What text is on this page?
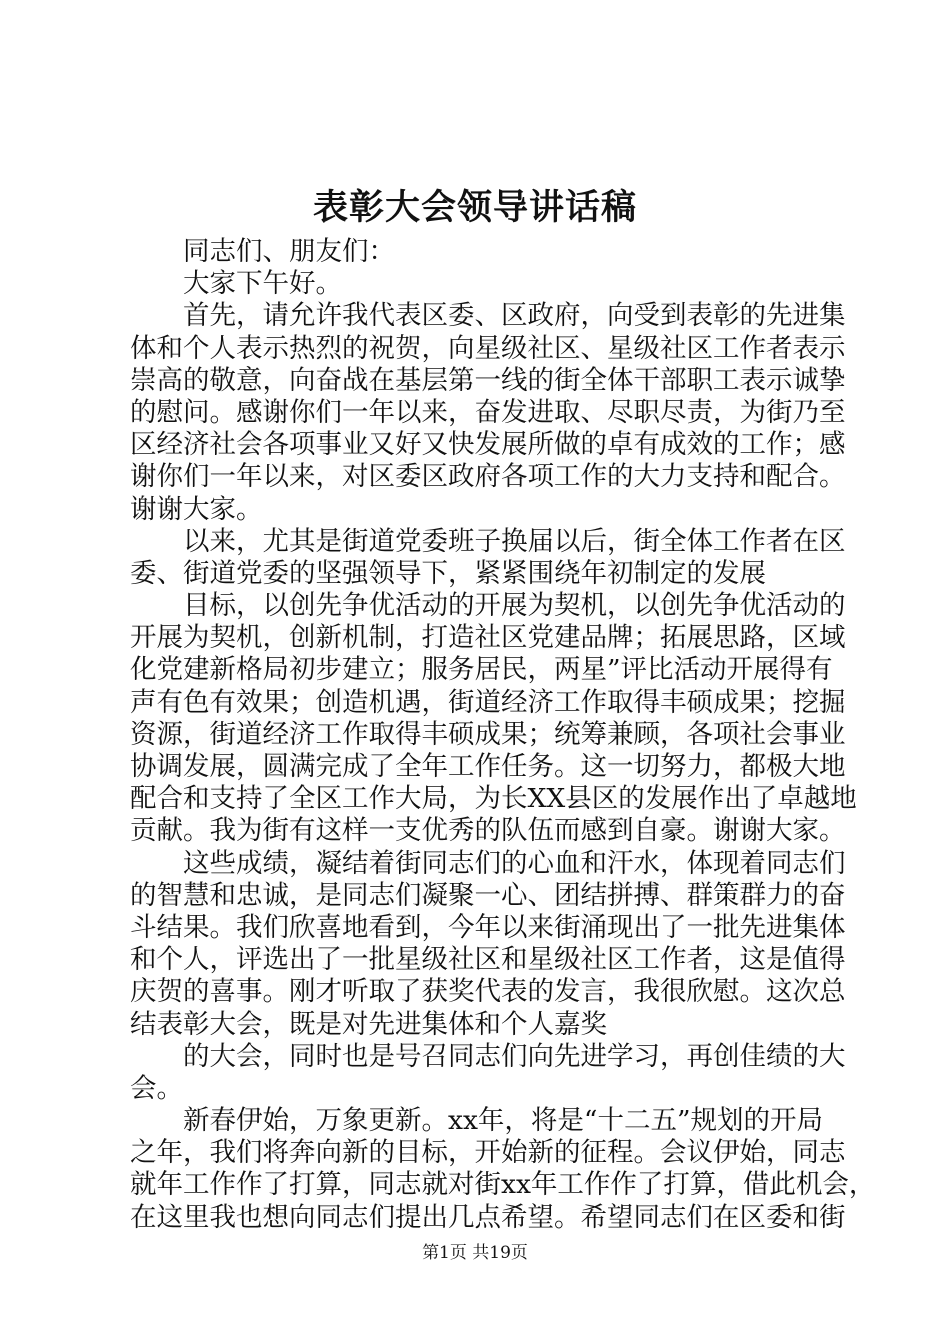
表彰大会领导讲话稿
同志们、朋友们：
大家下午好。
首先，请允许我代表区委、区政府，向受到表彰的先进集
体和个人表示热烈的祝贺，向星级社区、星级社区工作者表示
崇高的敬意，向奋战在基层第一线的街全体干部职工表示诚挚
的慰问。感谢你们一年以来，奋发进取、尽职尽责，为街乃至
区经济社会各项事业又好又快发展所做的卓有成效的工作；感
谢你们一年以来，对区委区政府各项工作的大力支持和配合。
谢谢大家。
以来，尤其是街道党委班子换届以后，街全体工作者在区
委、街道党委的坚强领导下，紧紧围绕年初制定的发展
目标，以创先争优活动的开展为契机，以创先争优活动的
开展为契机，创新机制，打造社区党建品牌；拓展思路，区域
化党建新格局初步建立；服务居民，两星”评比活动开展得有
声有色有效果；创造机遇，街道经济工作取得丰硕成果；挖掘
资源，街道经济工作取得丰硕成果；统筹兼顾，各项社会事业
协调发展，圆满完成了全年工作任务。这一切努力，都极大地
配合和支持了全区工作大局，为长XX县区的发展作出了卓越地
贡献。我为街有这样一支优秀的队伍而感到自豪。谢谢大家。
这些成绩，凝结着街同志们的心血和汗水，体现着同志们
的智慧和忠诚，是同志们凝聚一心、团结拼搏、群策群力的奋
斗结果。我们欣喜地看到，今年以来街涌现出了一批先进集体
和个人，评选出了一批星级社区和星级社区工作者，这是值得
庆贺的喜事。刚才听取了获奖代表的发言，我很欣慰。这次总
结表彰大会，既是对先进集体和个人嘉奖
的大会，同时也是号召同志们向先进学习，再创佳绩的大
会。
新春伊始，万象更新。xx年，将是“十二五”规划的开局
之年，我们将奔向新的目标，开始新的征程。会议伊始，同志
就年工作作了打算，同志就对街xx年工作作了打算，借此机会，
在这里我也想向同志们提出几点希望。希望同志们在区委和街
第1页 共19页
